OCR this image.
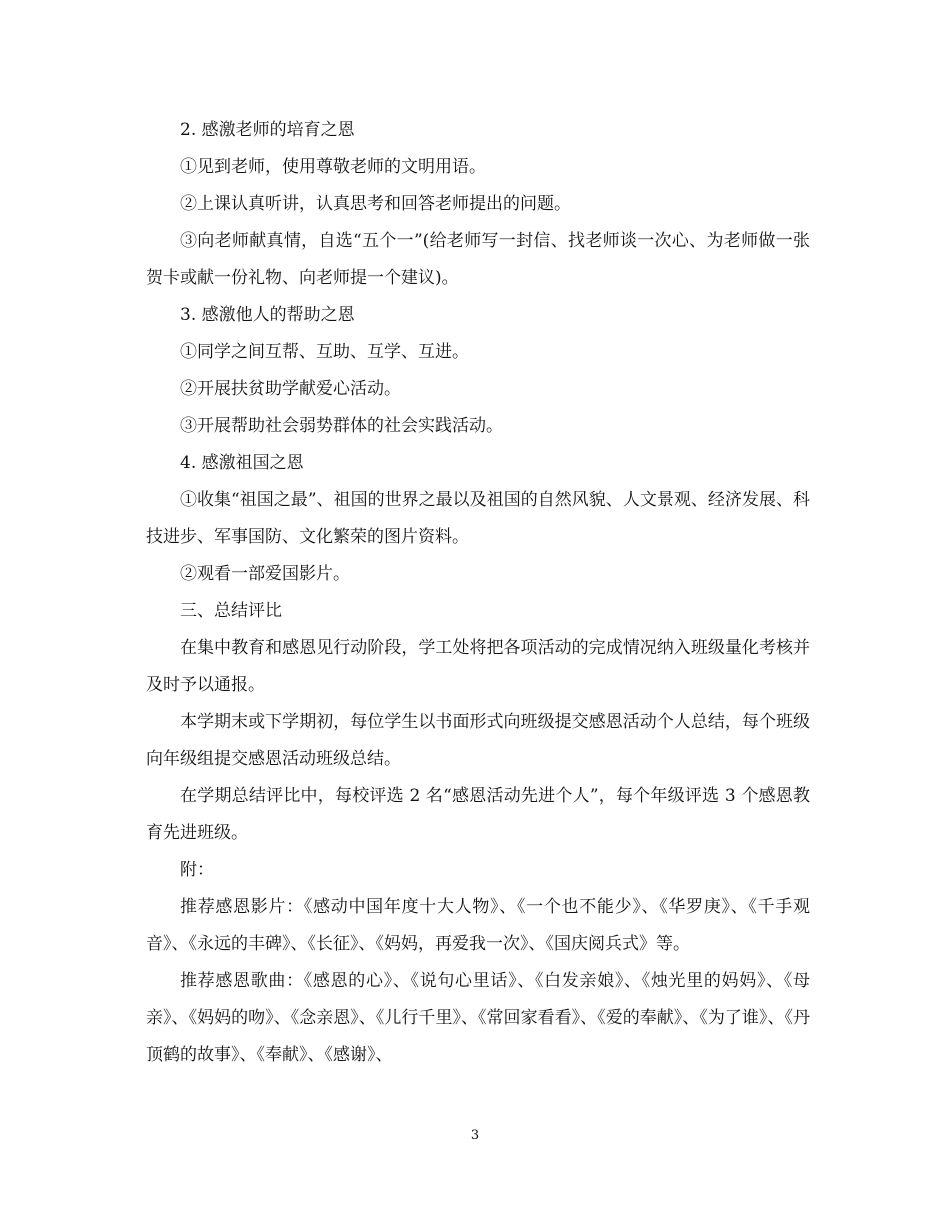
2. 感激老师的培育之恩

①见到老师，使用尊敬老师的文明用语。

②上课认真听讲，认真思考和回答老师提出的问题。

③向老师献真情，自选“五个一”(给老师写一封信、找老师谈一次心、为老师做一张贺卡或献一份礼物、向老师提一个建议)。

3. 感激他人的帮助之恩

①同学之间互帮、互助、互学、互进。

②开展扶贫助学献爱心活动。

③开展帮助社会弱势群体的社会实践活动。

4. 感激祖国之恩

①收集“祖国之最”、祖国的世界之最以及祖国的自然风貌、人文景观、经济发展、科技进步、军事国防、文化繁荣的图片资料。

②观看一部爱国影片。

三、总结评比

在集中教育和感恩见行动阶段，学工处将把各项活动的完成情况纳入班级量化考核并及时予以通报。

本学期末或下学期初，每位学生以书面形式向班级提交感恩活动个人总结，每个班级向年级组提交感恩活动班级总结。

在学期总结评比中，每校评选 2 名“感恩活动先进个人”，每个年级评选 3 个感恩教育先进班级。

附：

推荐感恩影片：《感动中国年度十大人物》、《一个也不能少》、《华罗庚》、《千手观音》、《永远的丰碑》、《长征》、《妈妈，再爱我一次》、《国庆阅兵式》等。

推荐感恩歌曲：《感恩的心》、《说句心里话》、《白发亲娘》、《烛光里的妈妈》、《母亲》、《妈妈的吻》、《念亲恩》、《儿行千里》、《常回家看看》、《爱的奉献》、《为了谁》、《丹顶鹤的故事》、《奉献》、《感谢》、

3
